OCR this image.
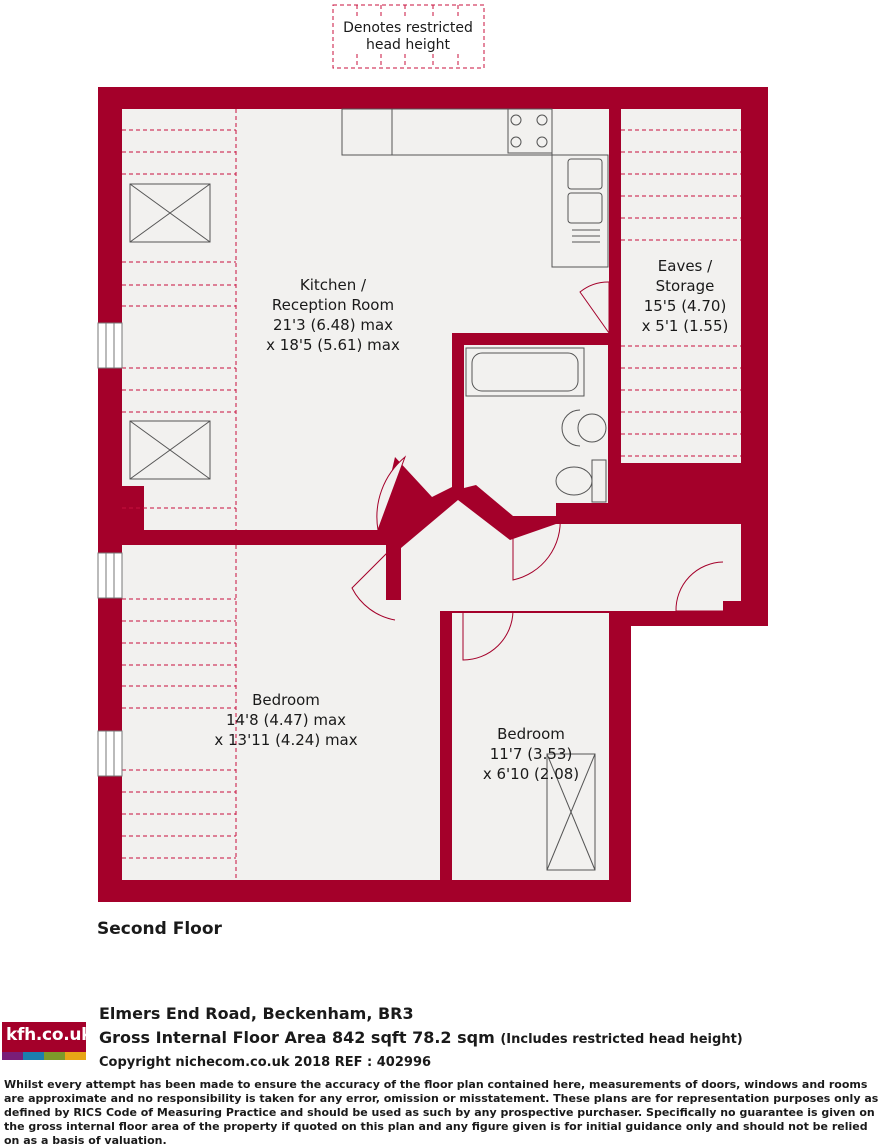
Denotes restricted
head height
Kitchen /
Reception Room
21'3 (6.48) max
x 18'5 (5.61) max
Eaves /
Storage
15'5 (4.70)
x 5'1 (1.55)
Bedroom
14'8 (4.47) max
x 13'11 (4.24) max	Bedroom
11'7 (3.53)
x 6'10 (2.08)
Second Floor
Elmers End Road, Beckenham, BR3
Gross Internal Floor Area 842 sqft 78.2 sqm (Includes restricted head height)
Copyright nichecom.co.uk 2018 REF : 402996
kfh.co.uk
Whilst every attempt has been made to ensure the accuracy of the floor plan contained here, measurements of doors, windows and rooms are approximate and no responsibility is taken for any error, omission or misstatement. These plans are for representation purposes only as defined by RICS Code of Measuring Practice and should be used as such by any prospective purchaser. Specifically no guarantee is given on the gross internal floor area of the property if quoted on this plan and any figure given is for initial guidance only and should not be relied on as a basis of valuation.
